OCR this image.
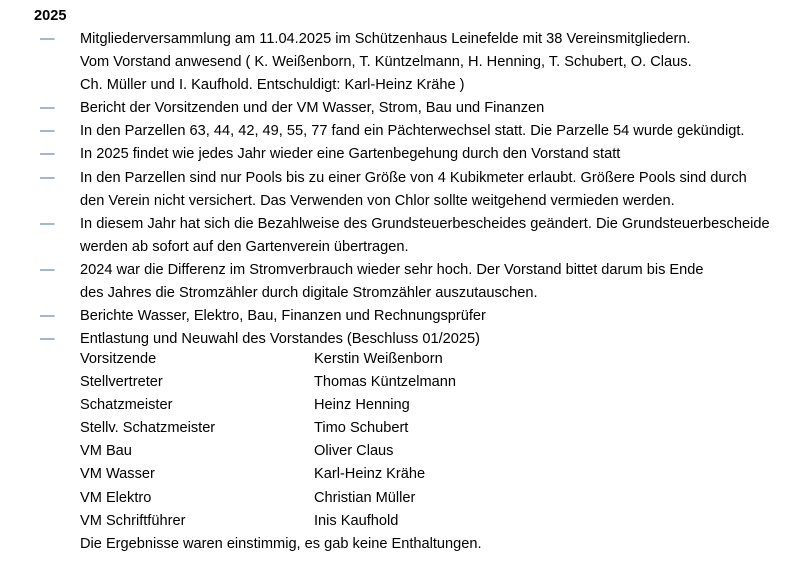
2025
—	Mitgliederversammlung am 11.04.2025 im Schützenhaus Leinefelde mit 38 Vereinsmitgliedern.
Vom Vorstand anwesend ( K. Weißenborn, T. Küntzelmann, H. Henning, T. Schubert, O. Claus.
Ch. Müller und I. Kaufhold. Entschuldigt: Karl-Heinz Krähe )
—	Bericht der Vorsitzenden und der VM Wasser, Strom, Bau und Finanzen
—	In den Parzellen 63, 44, 42, 49, 55, 77 fand ein Pächterwechsel statt. Die Parzelle 54 wurde gekündigt.
—	In 2025 findet wie jedes Jahr wieder eine Gartenbegehung durch den Vorstand statt
—	In den Parzellen sind nur Pools bis zu einer Größe von 4 Kubikmeter erlaubt. Größere Pools sind durch
den Verein nicht versichert. Das Verwenden von Chlor sollte weitgehend vermieden werden.
—	In diesem Jahr hat sich die Bezahlweise des Grundsteuerbescheides geändert. Die Grundsteuerbescheide
werden ab sofort auf den Gartenverein übertragen.
—	2024 war die Differenz im Stromverbrauch wieder sehr hoch. Der Vorstand bittet darum bis Ende
des Jahres die Stromzähler durch digitale Stromzähler auszutauschen.
—	Berichte Wasser, Elektro, Bau, Finanzen und Rechnungsprüfer
—	Entlastung und Neuwahl des Vorstandes (Beschluss 01/2025)
Vorsitzende	Kerstin Weißenborn
Stellvertreter	Thomas Küntzelmann
Schatzmeister	Heinz Henning
Stellv. Schatzmeister	Timo Schubert
VM Bau	Oliver Claus
VM Wasser	Karl-Heinz Krähe
VM Elektro	Christian Müller
VM Schriftführer	Inis Kaufhold
Die Ergebnisse waren einstimmig, es gab keine Enthaltungen.
